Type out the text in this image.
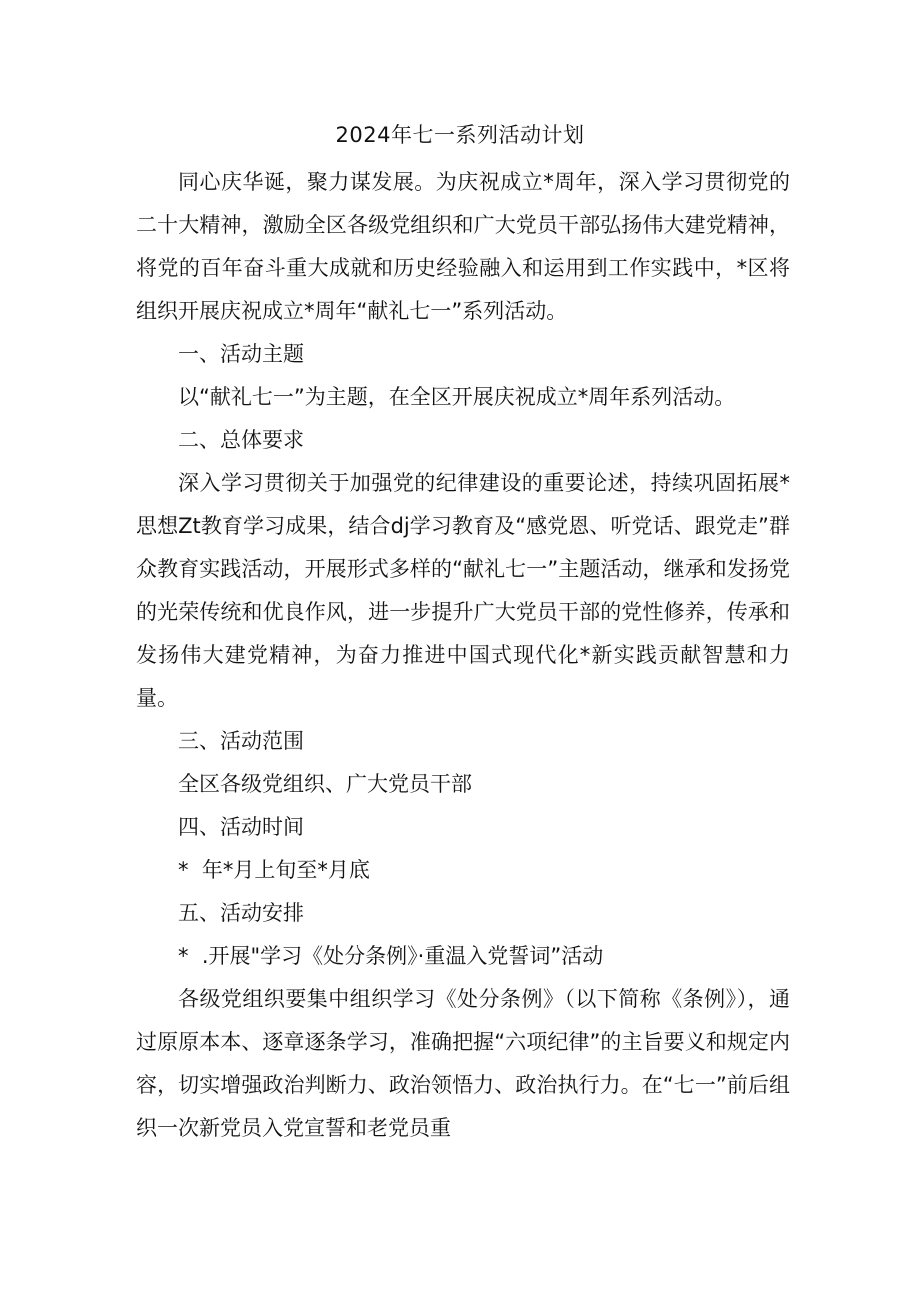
2024年七一系列活动计划

同心庆华诞，聚力谋发展。为庆祝成立*周年，深入学习贯彻党的二十大精神，激励全区各级党组织和广大党员干部弘扬伟大建党精神，将党的百年奋斗重大成就和历史经验融入和运用到工作实践中，*区将组织开展庆祝成立*周年“献礼七一”系列活动。

一、活动主题

以“献礼七一”为主题，在全区开展庆祝成立*周年系列活动。

二、总体要求

深入学习贯彻关于加强党的纪律建设的重要论述，持续巩固拓展*思想Zt教育学习成果，结合dj学习教育及“感党恩、听党话、跟党走”群众教育实践活动，开展形式多样的“献礼七一”主题活动，继承和发扬党的光荣传统和优良作风，进一步提升广大党员干部的党性修养，传承和发扬伟大建党精神，为奋力推进中国式现代化*新实践贡献智慧和力量。

三、活动范围

全区各级党组织、广大党员干部

四、活动时间

*  年*月上旬至*月底

五、活动安排

*  .开展"学习《处分条例》·重温入党誓词”活动

各级党组织要集中组织学习《处分条例》（以下简称《条例》），通过原原本本、逐章逐条学习，准确把握“六项纪律”的主旨要义和规定内容，切实增强政治判断力、政治领悟力、政治执行力。在“七一”前后组织一次新党员入党宣誓和老党员重
